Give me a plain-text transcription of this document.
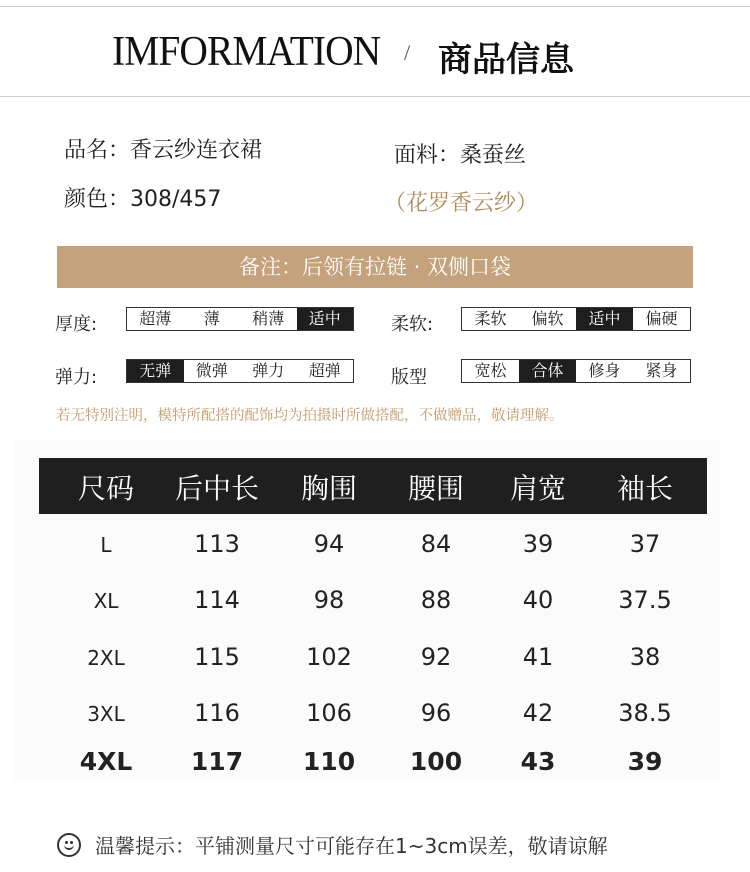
IMFORMATION / 商品信息
品名：香云纱连衣裙
颜色：308/457
面料：桑蚕丝
（花罗香云纱）
备注：后领有拉链 · 双侧口袋
厚度:	超薄	薄	稍薄	适中	柔软:	柔软	偏软	适中	偏硬
弹力:	无弹	微弹	弹力	超弹	版型	宽松	合体	修身	紧身
若无特别注明，模特所配搭的配饰均为拍摄时所做搭配，不做赠品，敬请理解。
尺码 后中长 胸围 腰围 肩宽 袖长
L	113	94	84	39	37
XL	114	98	88	40	37.5
2XL	115	102	92	41	38
3XL	116	106	96	42	38.5
4XL 117 110 100 43	39
温馨提示：平铺测量尺寸可能存在1~3cm误差，敬请谅解
